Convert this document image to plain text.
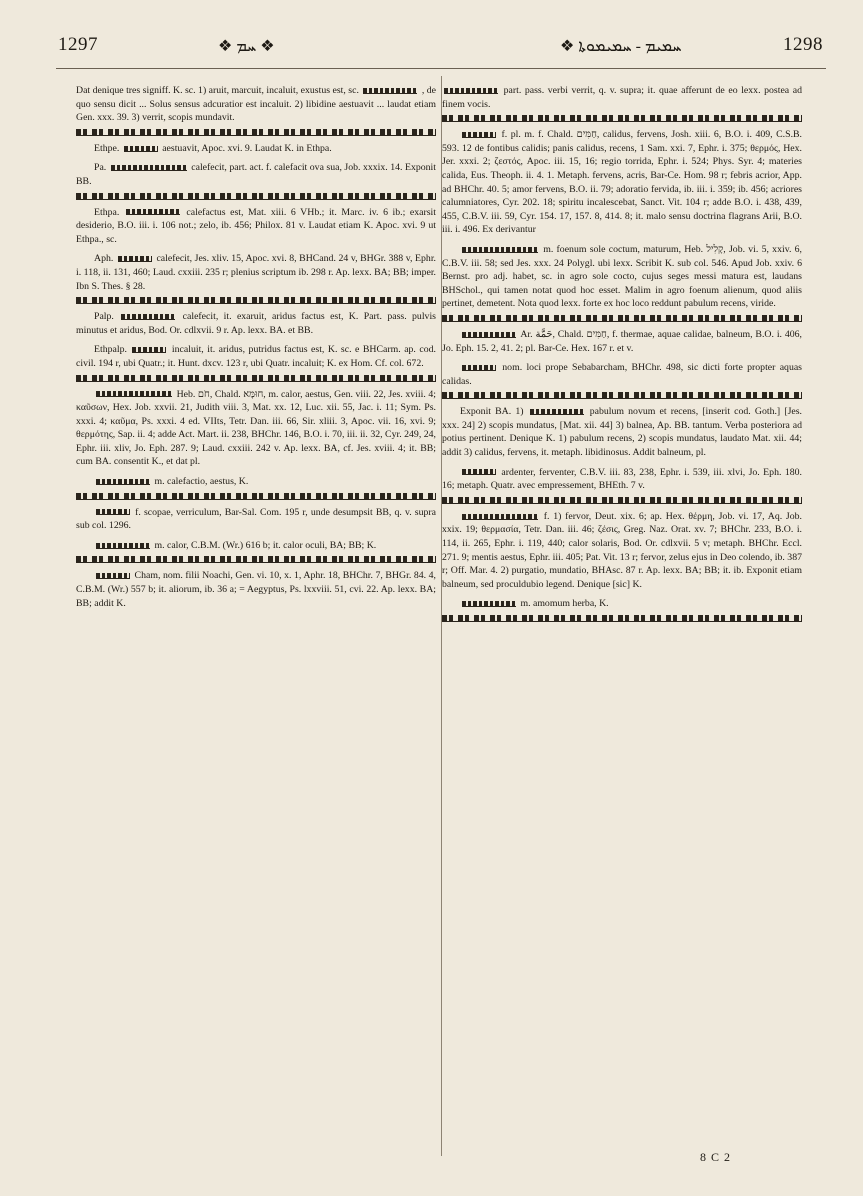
1297	❖ ܚܡ ❖	❖ ܚܡܝܡ - ܚܡܝܡܘܬܐ	1298

Dat denique tres signiff. K. sc. 1) aruit, marcuit, incaluit, exustus est, sc.	, de quo sensu dicit ... Solus sensus adcuratior est incaluit. 2) libidine aestuavit ... laudat etiam Gen. xxx. 39. 3) verrit, scopis mundavit.

Ethpe.	aestuavit, Apoc. xvi. 9. Laudat K. in Ethpa.

Pa.	calefecit, part. act. f. calefacit ova sua, Job. xxxix. 14. Exponit BB.

Ethpa.	calefactus est, Mat. xiii. 6 VHb.; it. Marc. iv. 6 ib.; exarsit desiderio, B.O. iii. i. 106 not.; zelo, ib. 456; Philox. 81 v. Laudat etiam K. Apoc. xvi. 9 ut Ethpa., sc.

Aph.	calefecit, Jes. xliv. 15, Apoc. xvi. 8, BHCand. 24 v, BHGr. 388 v, Ephr. i. 118, ii. 131, 460; Laud. cxxiii. 235 r; plenius scriptum ib. 298 r. Ap. lexx. BA; BB; imper. Ibn S. Thes. § 28.

Palp.	calefecit, it. exaruit, aridus factus est, K. Part. pass. pulvis minutus et aridus, Bod. Or. cdlxvii. 9 r. Ap. lexx. BA. et BB.

Ethpalp.	incaluit, it. aridus, putridus factus est, K. sc. e BHCarm. ap. cod. civil. 194 r, ubi Quatr.; it. Hunt. dxcv. 123 r, ubi Quatr. incaluit; K. ex Hom. Cf. col. 672.

Heb. חֹם, Chald. חוּמָּא, m. calor, aestus, Gen. viii. 22, Jes. xviii. 4; καῦσων, Hex. Job. xxvii. 21, Judith viii. 3, Mat. xx. 12, Luc. xii. 55, Jac. i. 11; Sym. Ps. xxxi. 4; καῦμα, Ps. xxxi. 4 ed. VIIts, Tetr. Dan. iii. 66, Sir. xliii. 3, Apoc. vii. 16, xvi. 9; θερμότης, Sap. ii. 4; adde Act. Mart. ii. 238, BHChr. 146, B.O. i. 70, iii. ii. 32, Cyr. 249, 24, Ephr. iii. xliv, Jo. Eph. 287. 9; Laud. cxxiii. 242 v. Ap. lexx. BA, cf. Jes. xviii. 4; it. BB; cum BA. consentit K., et dat pl.

m. calefactio, aestus, K.

f. scopae, verriculum, Bar-Sal. Com. 195 r, unde desumpsit BB, q. v. supra sub col. 1296.

m. calor, C.B.M. (Wr.) 616 b; it. calor oculi, BA; BB; K.

Cham, nom. filii Noachi, Gen. vi. 10, x. 1, Aphr. 18, BHChr. 7, BHGr. 84. 4, C.B.M. (Wr.) 557 b; it. aliorum, ib. 36 a; = Aegyptus, Ps. lxxviii. 51, cvi. 22. Ap. lexx. BA; BB; addit K.

part. pass. verbi verrit, q. v. supra; it. quae afferunt de eo lexx. postea ad finem vocis.

f. pl. m. f. Chald. חַמִּים, calidus, fervens, Josh. xiii. 6, B.O. i. 409, C.S.B. 593. 12 de fontibus calidis; panis calidus, recens, 1 Sam. xxi. 7, Ephr. i. 375; θερμός, Hex. Jer. xxxi. 2; ζεστός, Apoc. iii. 15, 16; regio torrida, Ephr. i. 524; Phys. Syr. 4; materies calida, Eus. Theoph. ii. 4. 1. Metaph. fervens, acris, Bar-Ce. Hom. 98 r; febris acrior, App. ad BHChr. 40. 5; amor fervens, B.O. ii. 79; adoratio fervida, ib. iii. i. 359; ib. 456; acriores calumniatores, Cyr. 202. 18; spiritu incalescebat, Sanct. Vit. 104 r; adde B.O. i. 438, 439, 455, C.B.V. iii. 59, Cyr. 154. 17, 157. 8, 414. 8; it. malo sensu doctrina flagrans Arii, B.O. iii. i. 496. Ex derivantur

m. foenum sole coctum, maturum, Heb. קָלִיל, Job. vi. 5, xxiv. 6, C.B.V. iii. 58; sed Jes. xxx. 24 Polygl. ubi lexx. Scribit K. sub col. 546. Apud Job. xxiv. 6 Bernst. pro adj. habet, sc. in agro sole cocto, cujus seges messi matura est, laudans BHSchol., qui tamen notat quod hoc esset. Malim in agro foenum alienum, quod aliis pertinet, demetent. Nota quod lexx. forte ex hoc loco reddunt pabulum recens, viride.

Ar. حَمَّة, Chald. חַמִּים, f. thermae, aquae calidae, balneum, B.O. i. 406, Jo. Eph. 15. 2, 41. 2; pl. Bar-Ce. Hex. 167 r. et v.

nom. loci prope Sebabarcham, BHChr. 498, sic dicti forte propter aquas calidas.

Exponit BA. 1)	pabulum novum et recens, [inserit cod. Goth.] [Jes. xxx. 24] 2) scopis mundatus, [Mat. xii. 44] 3) balnea, Ap. BB. tantum. Verba posteriora ad potius pertinent. Denique K. 1) pabulum recens, 2) scopis mundatus, laudato Mat. xii. 44; addit 3) calidus, fervens, it. metaph. libidinosus. Addit balneum, pl.

ardenter, ferventer, C.B.V. iii. 83, 238, Ephr. i. 539, iii. xlvi, Jo. Eph. 180. 16; metaph. Quatr. avec empressement, BHEth. 7 v.

f. 1) fervor, Deut. xix. 6; ap. Hex. θέρμη, Job. vi. 17, Aq. Job. xxix. 19; θερμασία, Tetr. Dan. iii. 46; ζέσις, Greg. Naz. Orat. xv. 7; BHChr. 233, B.O. i. 114, ii. 265, Ephr. i. 119, 440; calor solaris, Bod. Or. cdlxvii. 5 v; metaph. BHChr. Eccl. 271. 9; mentis aestus, Ephr. iii. 405; Pat. Vit. 13 r; fervor, zelus ejus in Deo colendo, ib. 387 r; Off. Mar. 4. 2) purgatio, mundatio, BHAsc. 87 r. Ap. lexx. BA; BB; it. ib. Exponit etiam balneum, sed proculdubio legend. Denique [sic] K.

m. amomum herba, K.

8 C 2
